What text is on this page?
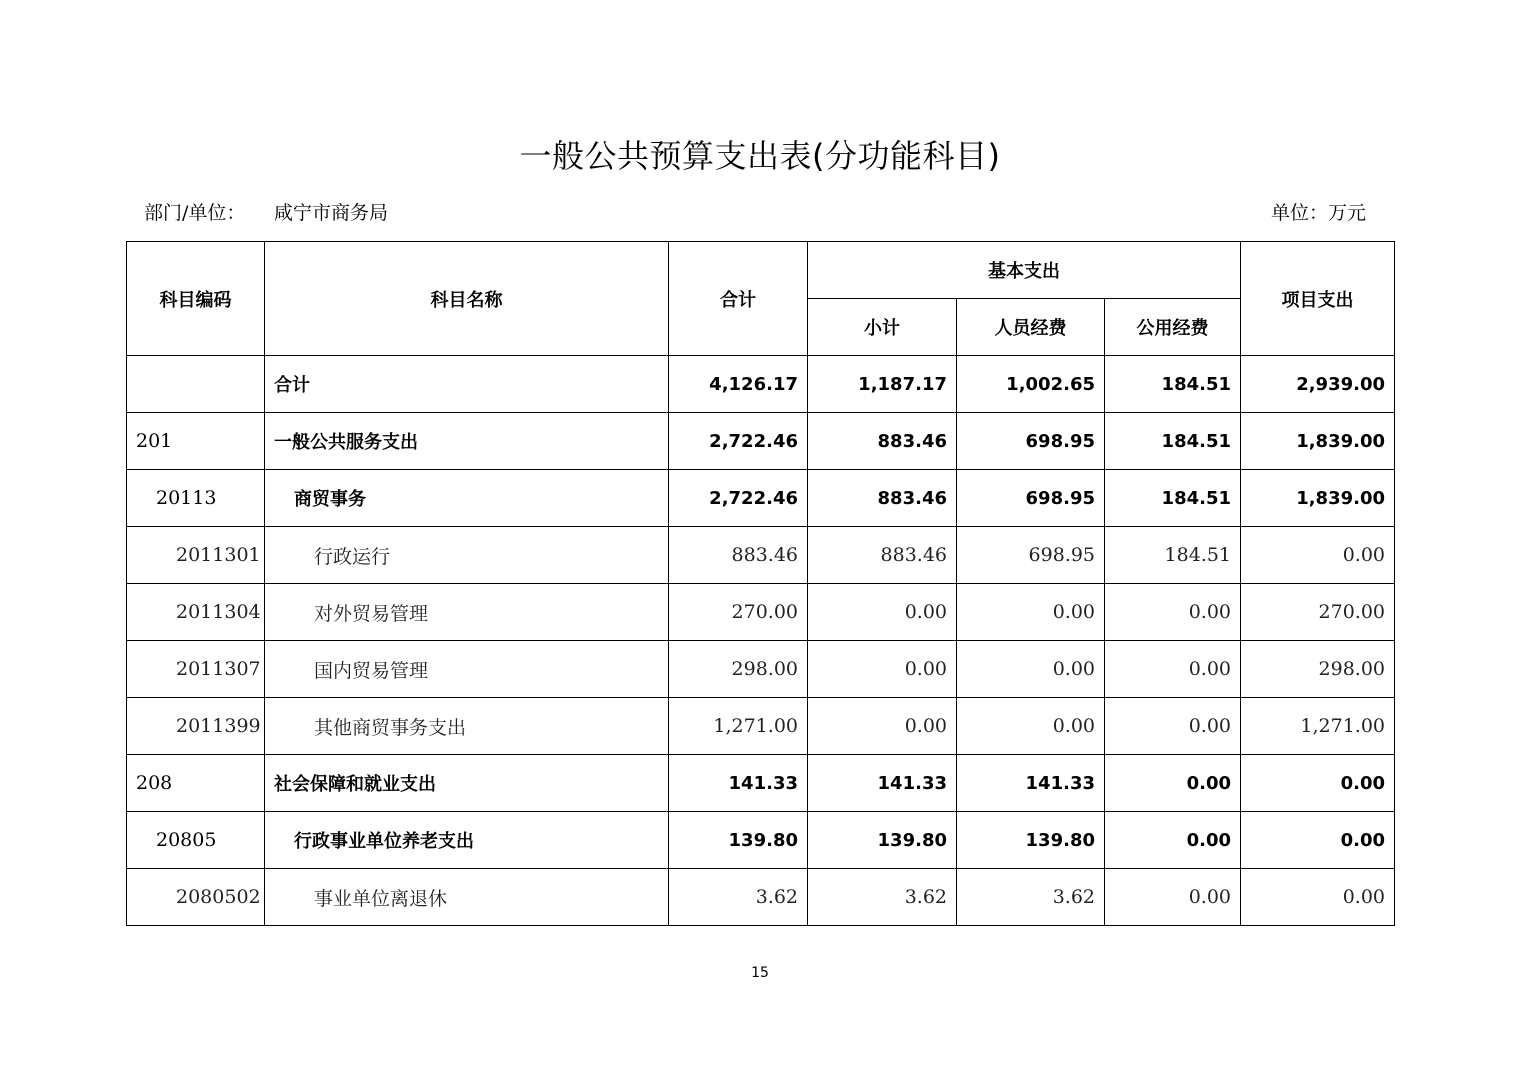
一般公共预算支出表(分功能科目)
部门/单位： 咸宁市商务局	单位：万元
科目编码	科目名称	合计	基本支出			项目支出
			小计	人员经费	公用经费	
	合计	4,126.17	1,187.17	1,002.65	184.51	2,939.00
201	一般公共服务支出	2,722.46	883.46	698.95	184.51	1,839.00
20113	商贸事务	2,722.46	883.46	698.95	184.51	1,839.00
2011301	行政运行	883.46	883.46	698.95	184.51	0.00
2011304	对外贸易管理	270.00	0.00	0.00	0.00	270.00
2011307	国内贸易管理	298.00	0.00	0.00	0.00	298.00
2011399	其他商贸事务支出	1,271.00	0.00	0.00	0.00	1,271.00
208	社会保障和就业支出	141.33	141.33	141.33	0.00	0.00
20805	行政事业单位养老支出	139.80	139.80	139.80	0.00	0.00
2080502	事业单位离退休	3.62	3.62	3.62	0.00	0.00
15
